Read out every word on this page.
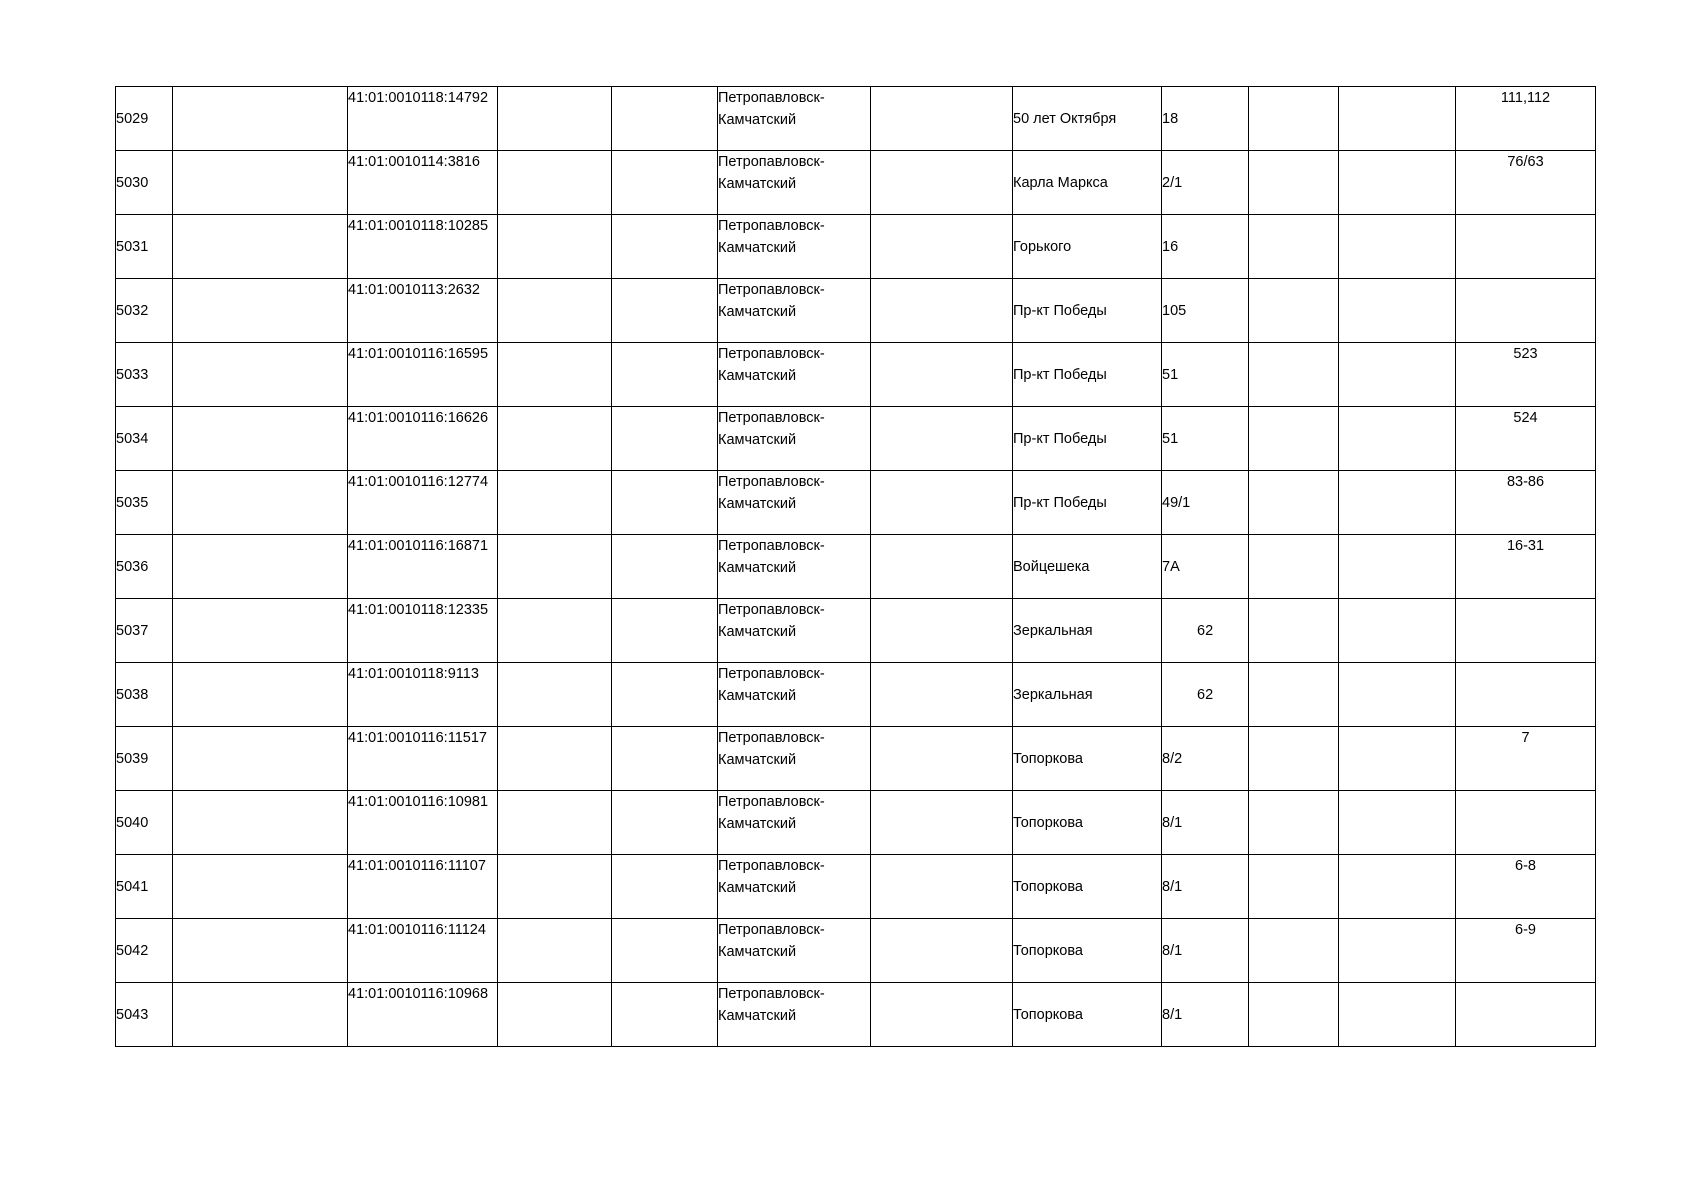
5029		41:01:0010118:14792			Петропавловск-Камчатский		50 лет Октября	18			111,112
5030		41:01:0010114:3816			Петропавловск-Камчатский		Карла Маркса	2/1			76/63
5031		41:01:0010118:10285			Петропавловск-Камчатский		Горького	16			
5032		41:01:0010113:2632			Петропавловск-Камчатский		Пр-кт Победы	105			
5033		41:01:0010116:16595			Петропавловск-Камчатский		Пр-кт Победы	51			523
5034		41:01:0010116:16626			Петропавловск-Камчатский		Пр-кт Победы	51			524
5035		41:01:0010116:12774			Петропавловск-Камчатский		Пр-кт Победы	49/1			83-86
5036		41:01:0010116:16871			Петропавловск-Камчатский		Войцешека	7А			16-31
5037		41:01:0010118:12335			Петропавловск-Камчатский		Зеркальная	62			
5038		41:01:0010118:9113			Петропавловск-Камчатский		Зеркальная	62			
5039		41:01:0010116:11517			Петропавловск-Камчатский		Топоркова	8/2			7
5040		41:01:0010116:10981			Петропавловск-Камчатский		Топоркова	8/1			
5041		41:01:0010116:11107			Петропавловск-Камчатский		Топоркова	8/1			6-8
5042		41:01:0010116:11124			Петропавловск-Камчатский		Топоркова	8/1			6-9
5043		41:01:0010116:10968			Петропавловск-Камчатский		Топоркова	8/1			
